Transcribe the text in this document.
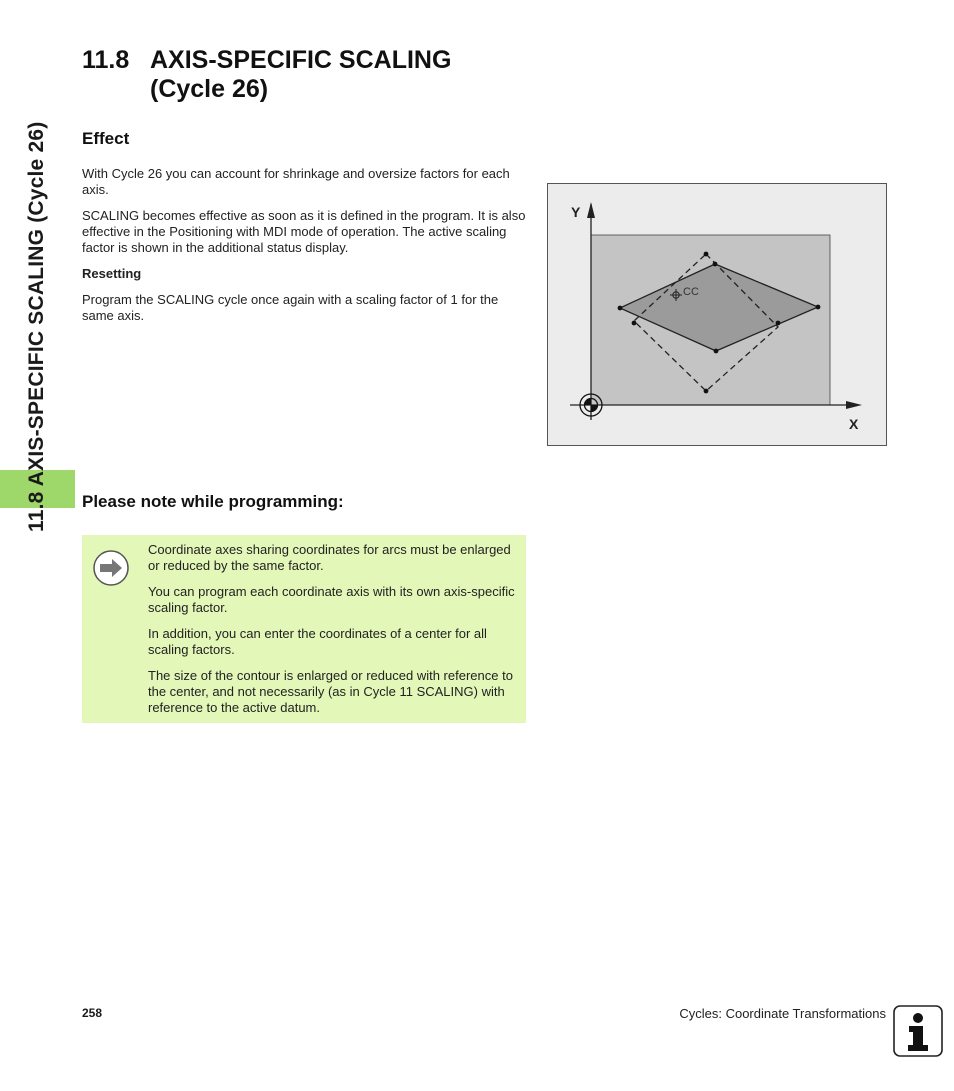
11.8 AXIS-SPECIFIC SCALING (Cycle 26)
11.8 AXIS-SPECIFIC SCALING
(Cycle 26)
Effect

With Cycle 26 you can account for shrinkage and oversize factors for each axis.

SCALING becomes effective as soon as it is defined in the program. It is also effective in the Positioning with MDI mode of operation. The active scaling factor is shown in the additional status display.

Resetting

Program the SCALING cycle once again with a scaling factor of 1 for the same axis.

CC
Y
X
Please note while programming:

Coordinate axes sharing coordinates for arcs must be enlarged or reduced by the same factor.

You can program each coordinate axis with its own axis-specific scaling factor.

In addition, you can enter the coordinates of a center for all scaling factors.

The size of the contour is enlarged or reduced with reference to the center, and not necessarily (as in Cycle 11 SCALING) with reference to the active datum.

258	Cycles: Coordinate Transformations
